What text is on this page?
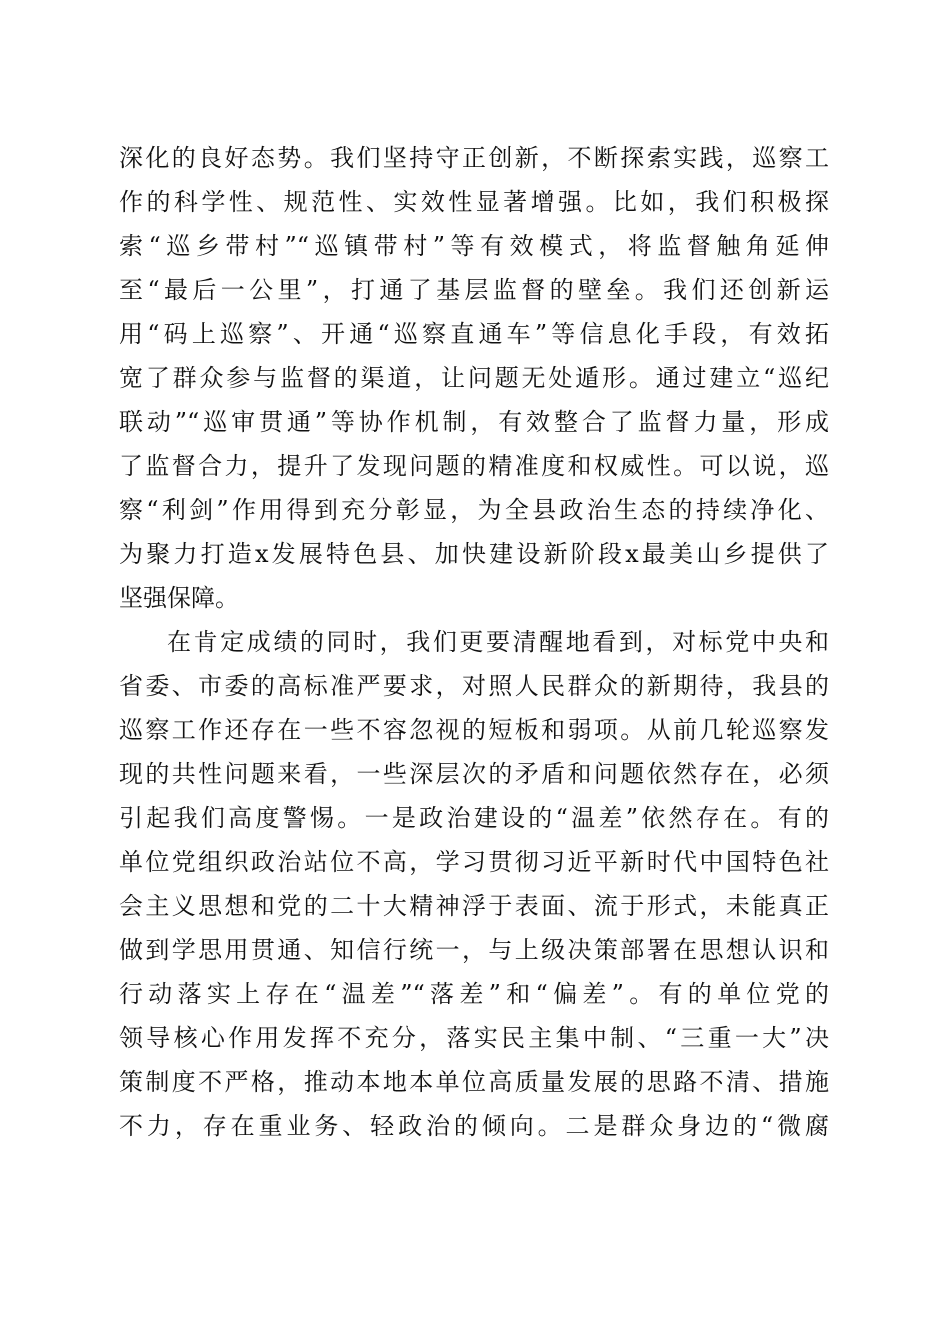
深化的良好态势。我们坚持守正创新，不断探索实践，巡察工
作的科学性、规范性、实效性显著增强。比如，我们积极探
索“巡乡带村”“巡镇带村”等有效模式，将监督触角延伸
至“最后一公里”，打通了基层监督的壁垒。我们还创新运
用“码上巡察”、开通“巡察直通车”等信息化手段，有效拓
宽了群众参与监督的渠道，让问题无处遁形。通过建立“巡纪
联动”“巡审贯通”等协作机制，有效整合了监督力量，形成
了监督合力，提升了发现问题的精准度和权威性。可以说，巡
察“利剑”作用得到充分彰显，为全县政治生态的持续净化、
为聚力打造x发展特色县、加快建设新阶段x最美山乡提供了
坚强保障。
在肯定成绩的同时，我们更要清醒地看到，对标党中央和
省委、市委的高标准严要求，对照人民群众的新期待，我县的
巡察工作还存在一些不容忽视的短板和弱项。从前几轮巡察发
现的共性问题来看，一些深层次的矛盾和问题依然存在，必须
引起我们高度警惕。一是政治建设的“温差”依然存在。有的
单位党组织政治站位不高，学习贯彻习近平新时代中国特色社
会主义思想和党的二十大精神浮于表面、流于形式，未能真正
做到学思用贯通、知信行统一，与上级决策部署在思想认识和
行动落实上存在“温差”“落差”和“偏差”。有的单位党的
领导核心作用发挥不充分，落实民主集中制、“三重一大”决
策制度不严格，推动本地本单位高质量发展的思路不清、措施
不力，存在重业务、轻政治的倾向。二是群众身边的“微腐
